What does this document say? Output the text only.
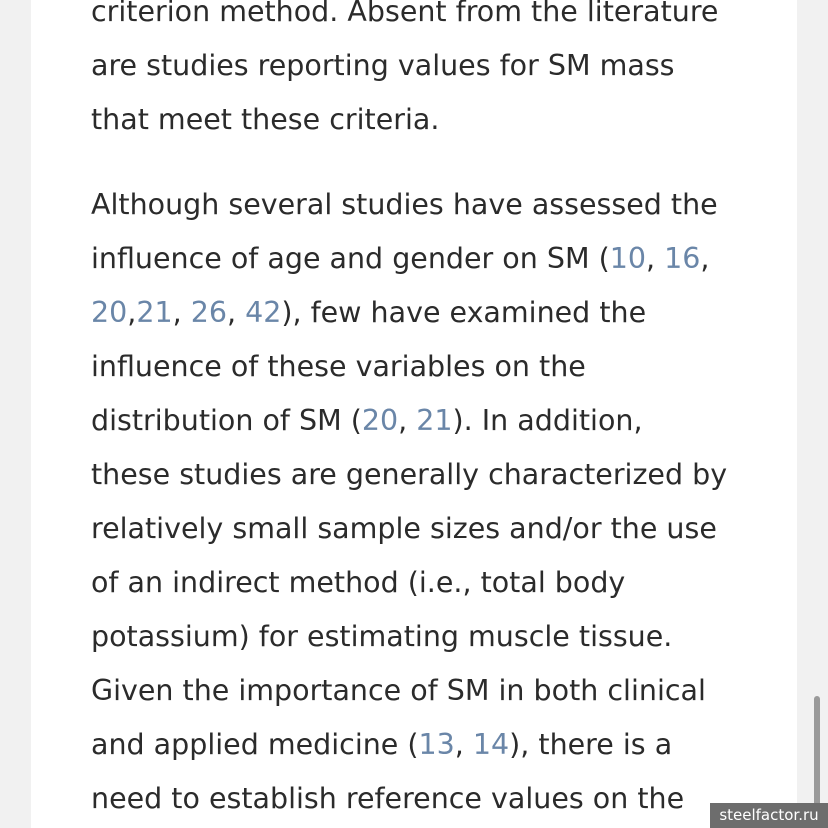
criterion method. Absent from the literature
are studies reporting values for SM mass
that meet these criteria.
Although several studies have assessed the
influence of age and gender on SM (10, 16,
20,21, 26, 42), few have examined the
influence of these variables on the
distribution of SM (20, 21). In addition,
these studies are generally characterized by
relatively small sample sizes and/or the use
of an indirect method (i.e., total body
potassium) for estimating muscle tissue.
Given the importance of SM in both clinical
and applied medicine (13, 14), there is a
need to establish reference values on the	steelfactor.ru
